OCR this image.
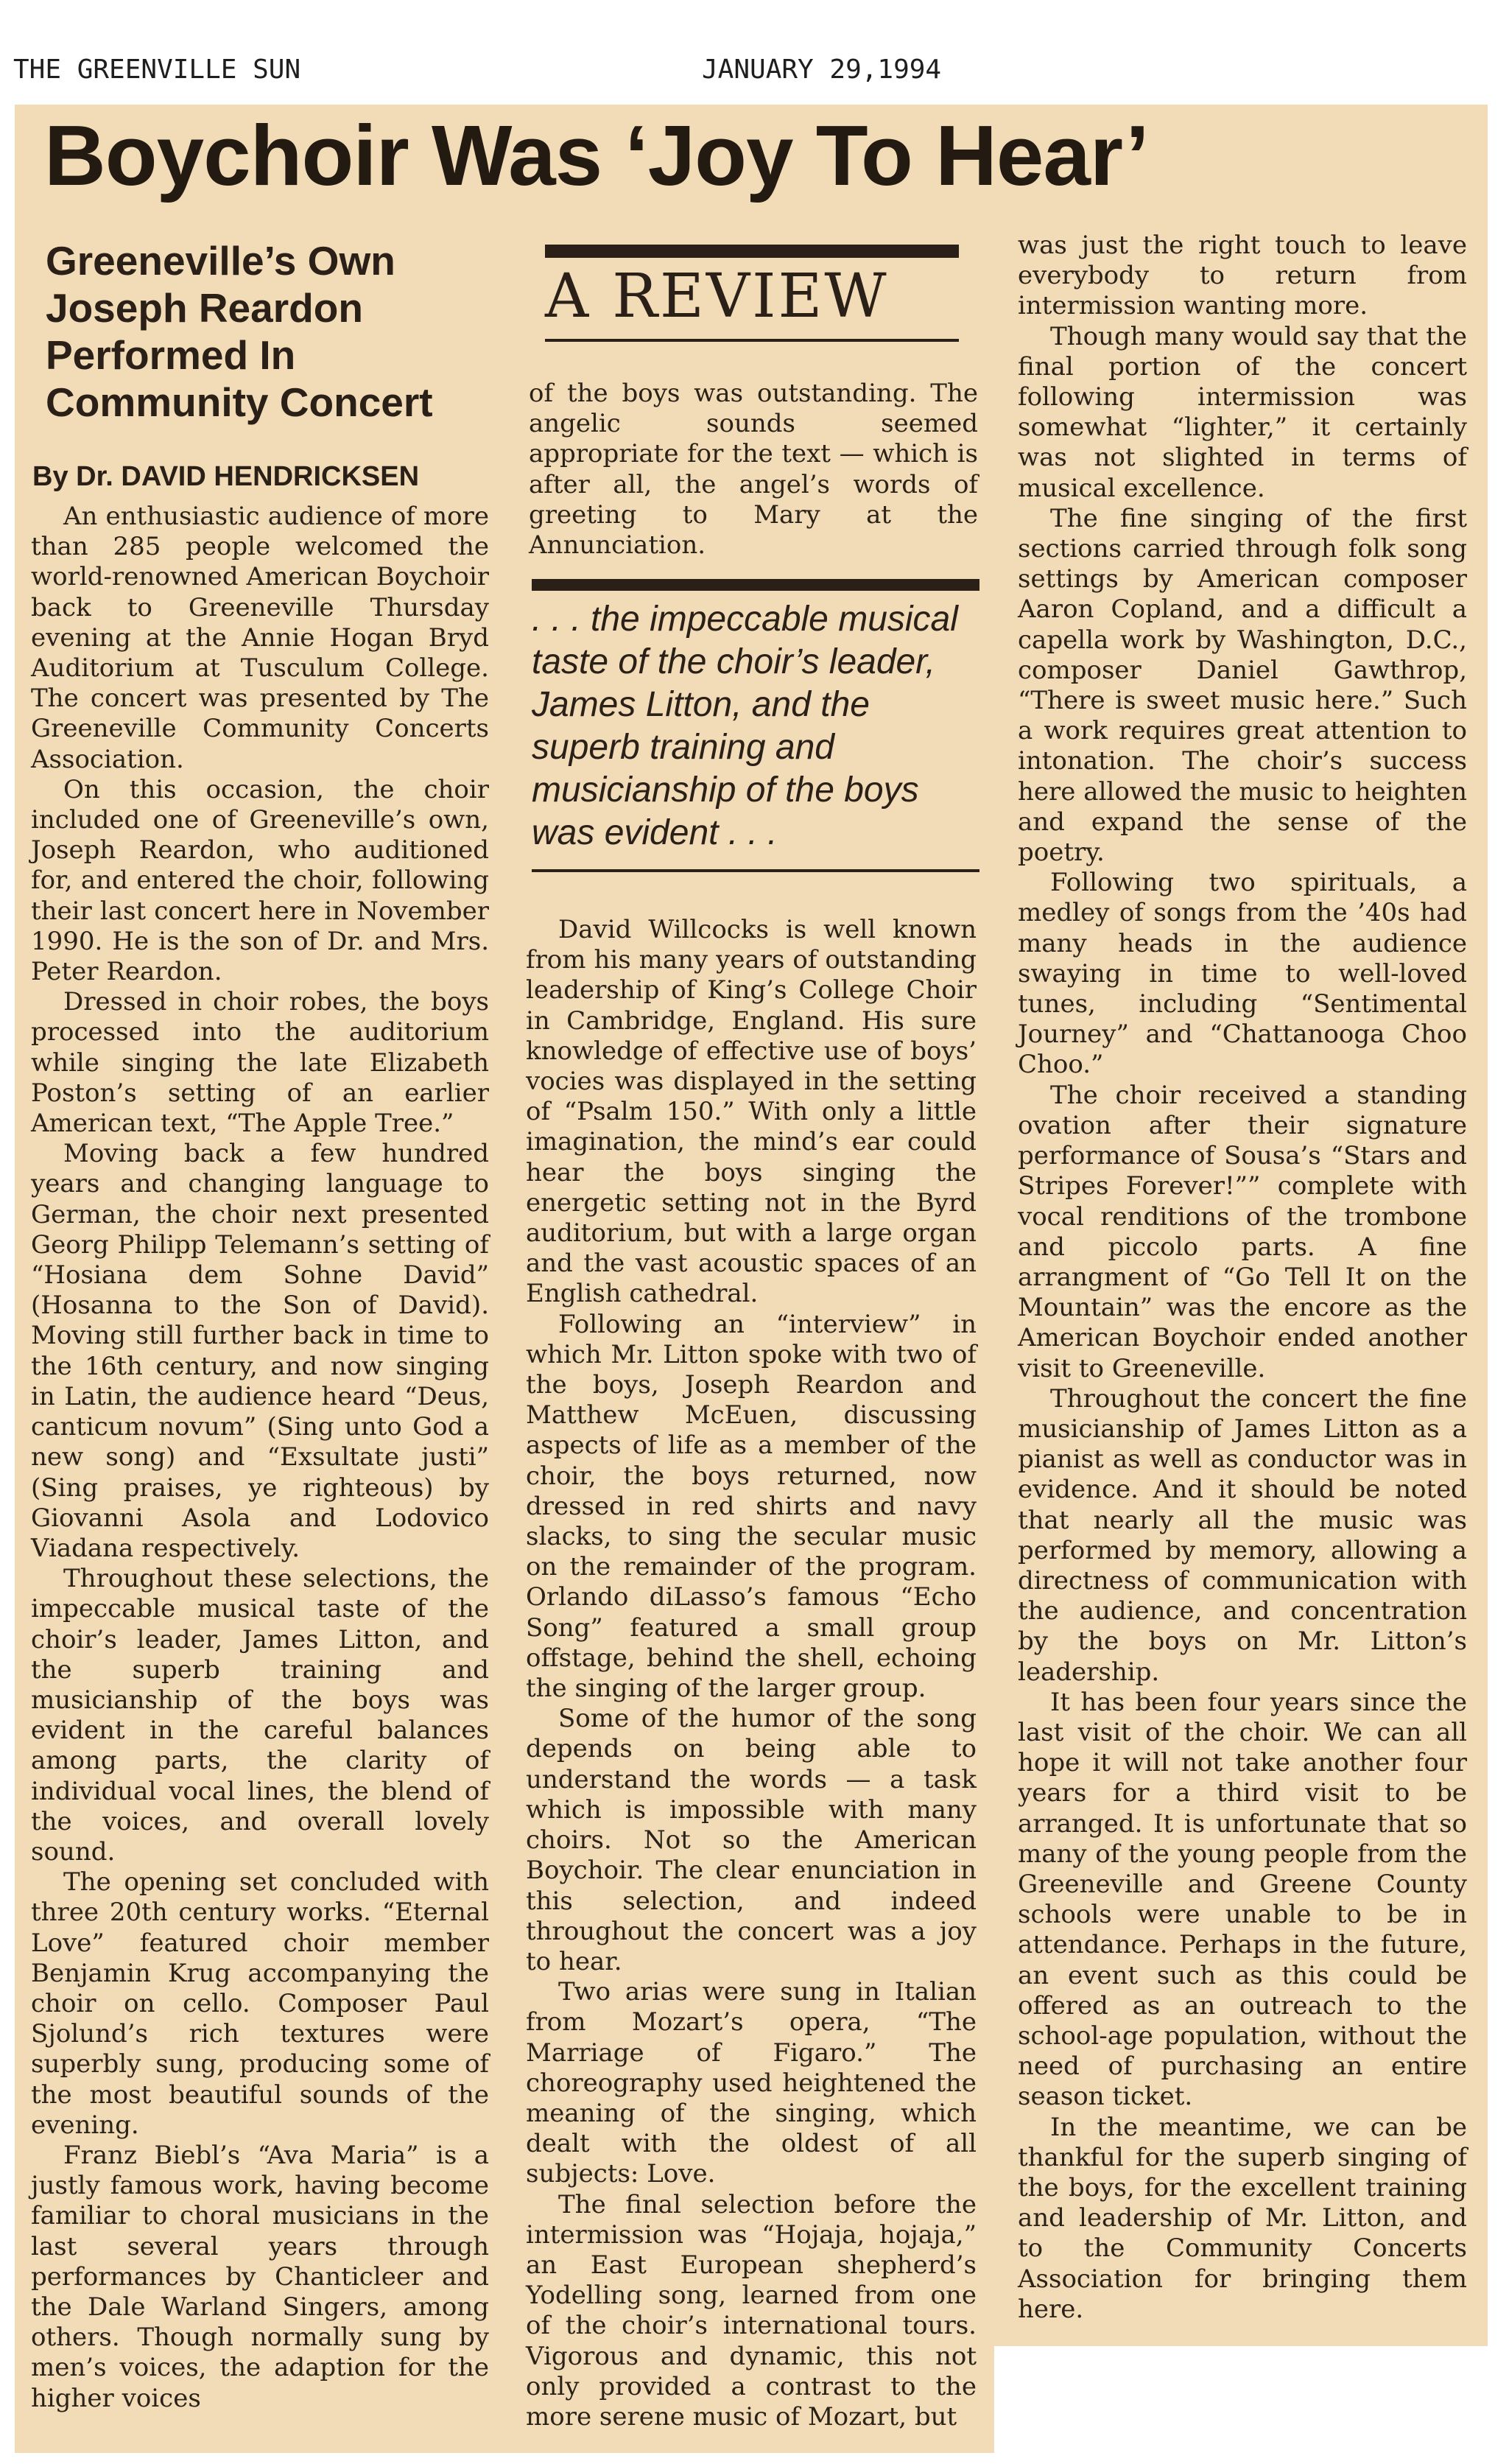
THE GREENVILLE SUN	JANUARY 29,1994
Boychoir Was ‘Joy To Hear’
Greeneville’s Own Joseph Reardon Performed In Community Concert
By Dr. DAVID HENDRICKSEN

An enthusiastic audience of more than 285 people welcomed the world-renowned American Boychoir back to Greeneville Thursday evening at the Annie Hogan Bryd Auditorium at Tusculum College. The concert was presented by The Greeneville Community Concerts Association.

On this occasion, the choir included one of Greeneville’s own, Joseph Reardon, who auditioned for, and entered the choir, following their last concert here in November 1990. He is the son of Dr. and Mrs. Peter Reardon.

Dressed in choir robes, the boys processed into the auditorium while singing the late Elizabeth Poston’s setting of an earlier American text, “The Apple Tree.”

Moving back a few hundred years and changing language to German, the choir next presented Georg Philipp Telemann’s setting of “Hosiana dem Sohne David” (Hosanna to the Son of David). Moving still further back in time to the 16th century, and now singing in Latin, the audience heard “Deus, canticum novum” (Sing unto God a new song) and “Exsultate justi” (Sing praises, ye righteous) by Giovanni Asola and Lodovico Viadana respectively.

Throughout these selections, the impeccable musical taste of the choir’s leader, James Litton, and the superb training and musicianship of the boys was evident in the careful balances among parts, the clarity of individual vocal lines, the blend of the voices, and overall lovely sound.

The opening set concluded with three 20th century works. “Eternal Love” featured choir member Benjamin Krug accompanying the choir on cello. Composer Paul Sjolund’s rich textures were superbly sung, producing some of the most beautiful sounds of the evening.

Franz Biebl’s “Ava Maria” is a justly famous work, having become familiar to choral musicians in the last several years through performances by Chanticleer and the Dale Warland Singers, among others. Though normally sung by men’s voices, the adaption for the higher voices

A REVIEW

of the boys was outstanding. The angelic sounds seemed appropriate for the text — which is after all, the angel’s words of greeting to Mary at the Annunciation.

. . . the impeccable musical taste of the choir’s leader, James Litton, and the superb training and musicianship of the boys was evident . . .

David Willcocks is well known from his many years of outstanding leadership of King’s College Choir in Cambridge, England. His sure knowledge of effective use of boys’ vocies was displayed in the setting of “Psalm 150.” With only a little imagination, the mind’s ear could hear the boys singing the energetic setting not in the Byrd auditorium, but with a large organ and the vast acoustic spaces of an English cathedral.

Following an “interview” in which Mr. Litton spoke with two of the boys, Joseph Reardon and Matthew McEuen, discussing aspects of life as a member of the choir, the boys returned, now dressed in red shirts and navy slacks, to sing the secular music on the remainder of the program. Orlando diLasso’s famous “Echo Song” featured a small group offstage, behind the shell, echoing the singing of the larger group.

Some of the humor of the song depends on being able to understand the words — a task which is impossible with many choirs. Not so the American Boychoir. The clear enunciation in this selection, and indeed throughout the concert was a joy to hear.

Two arias were sung in Italian from Mozart’s opera, “The Marriage of Figaro.” The choreography used heightened the meaning of the singing, which dealt with the oldest of all subjects: Love.

The final selection before the intermission was “Hojaja, hojaja,” an East European shepherd’s Yodelling song, learned from one of the choir’s international tours. Vigorous and dynamic, this not only provided a contrast to the more serene music of Mozart, but

was just the right touch to leave everybody to return from intermission wanting more.

Though many would say that the final portion of the concert following intermission was somewhat “lighter,” it certainly was not slighted in terms of musical excellence.

The fine singing of the first sections carried through folk song settings by American composer Aaron Copland, and a difficult a capella work by Washington, D.C., composer Daniel Gawthrop, “There is sweet music here.” Such a work requires great attention to intonation. The choir’s success here allowed the music to heighten and expand the sense of the poetry.

Following two spirituals, a medley of songs from the ’40s had many heads in the audience swaying in time to well-loved tunes, including “Sentimental Journey” and “Chattanooga Choo Choo.”

The choir received a standing ovation after their signature performance of Sousa’s “Stars and Stripes Forever!”” complete with vocal renditions of the trombone and piccolo parts. A fine arrangment of “Go Tell It on the Mountain” was the encore as the American Boychoir ended another visit to Greeneville.

Throughout the concert the fine musicianship of James Litton as a pianist as well as conductor was in evidence. And it should be noted that nearly all the music was performed by memory, allowing a directness of communication with the audience, and concentration by the boys on Mr. Litton’s leadership.

It has been four years since the last visit of the choir. We can all hope it will not take another four years for a third visit to be arranged. It is unfortunate that so many of the young people from the Greeneville and Greene County schools were unable to be in attendance. Perhaps in the future, an event such as this could be offered as an outreach to the school-age population, without the need of purchasing an entire season ticket.

In the meantime, we can be thankful for the superb singing of the boys, for the excellent training and leadership of Mr. Litton, and to the Community Concerts Association for bringing them here.
